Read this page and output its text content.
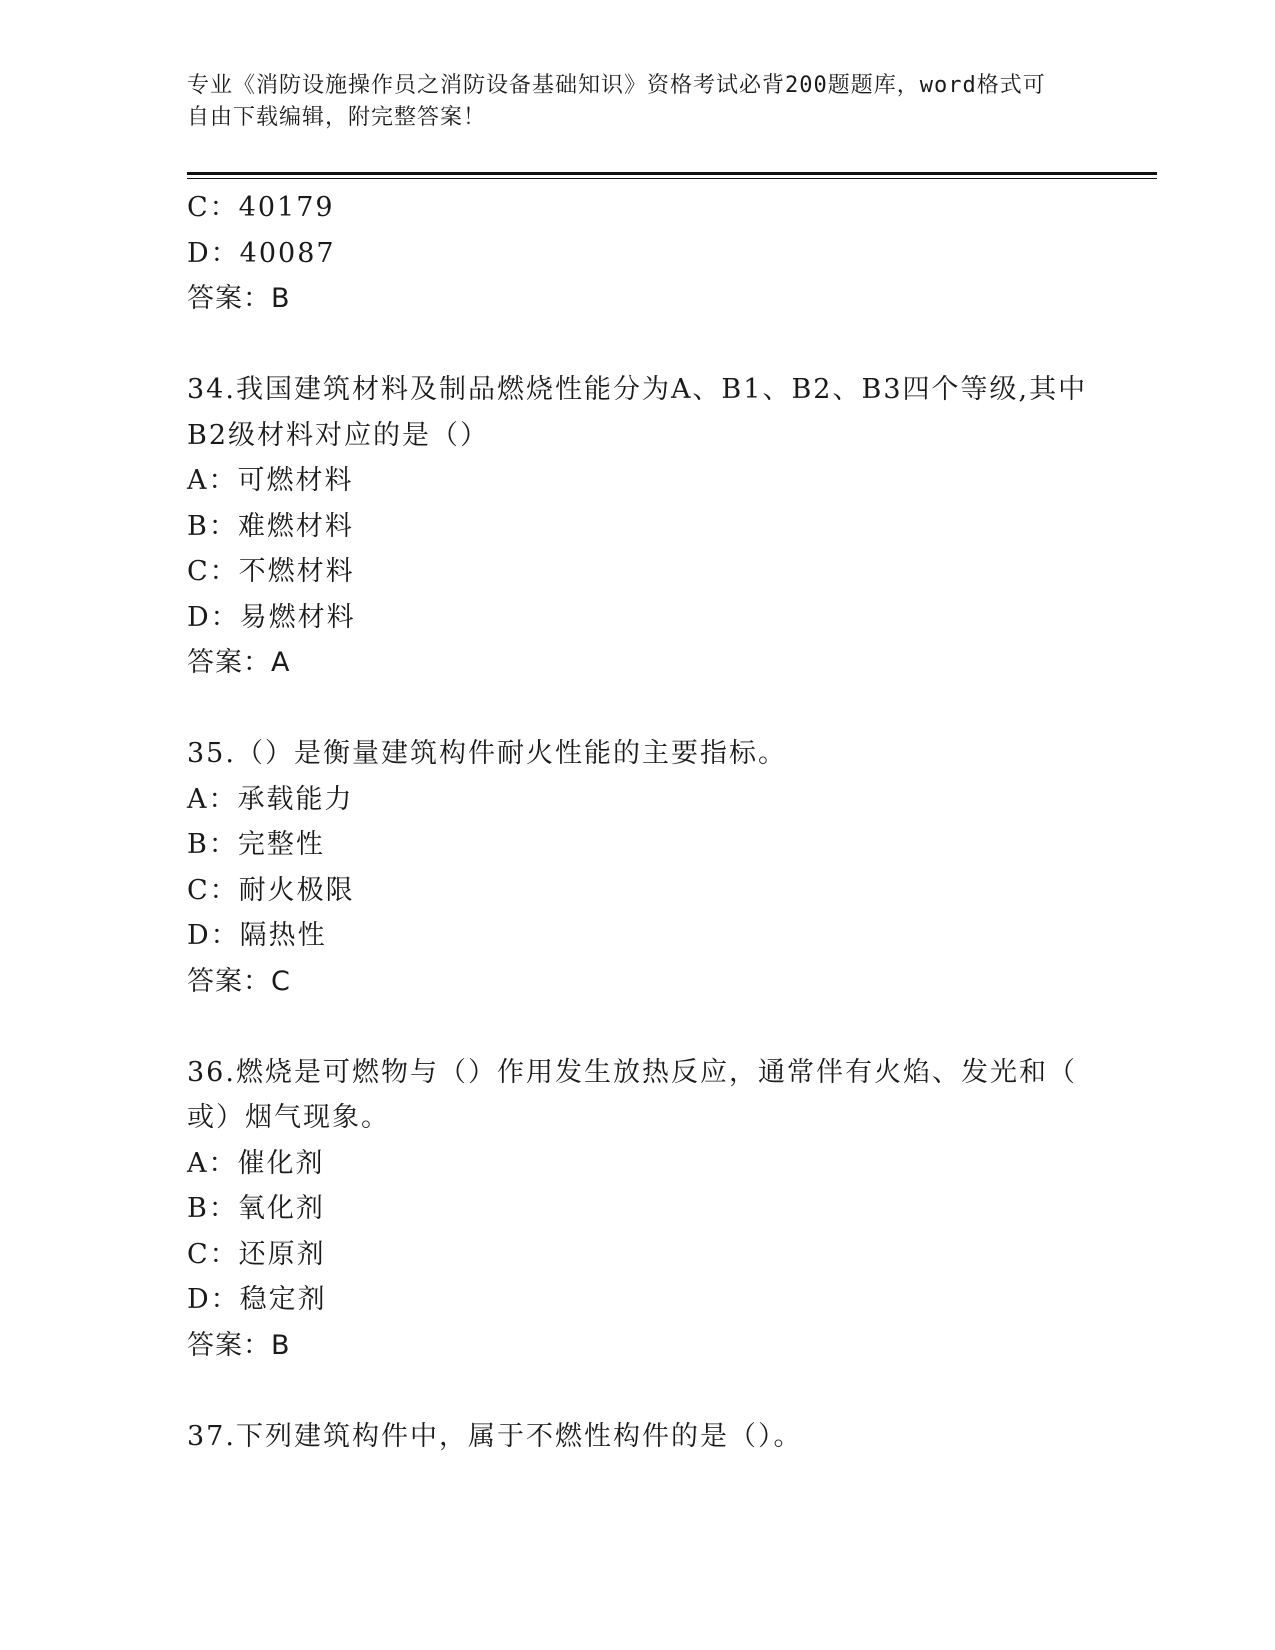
专业《消防设施操作员之消防设备基础知识》资格考试必背200题题库，word格式可自由下载编辑，附完整答案！

C：40179
D：40087
答案：B
34.我国建筑材料及制品燃烧性能分为A、B1、B2、B3四个等级,其中
B2级材料对应的是（）
A：可燃材料
B：难燃材料
C：不燃材料
D：易燃材料
答案：A
35.（）是衡量建筑构件耐火性能的主要指标。
A：承载能力
B：完整性
C：耐火极限
D：隔热性
答案：C
36.燃烧是可燃物与（）作用发生放热反应，通常伴有火焰、发光和（
或）烟气现象。
A：催化剂
B：氧化剂
C：还原剂
D：稳定剂
答案：B
37.下列建筑构件中，属于不燃性构件的是（）。
